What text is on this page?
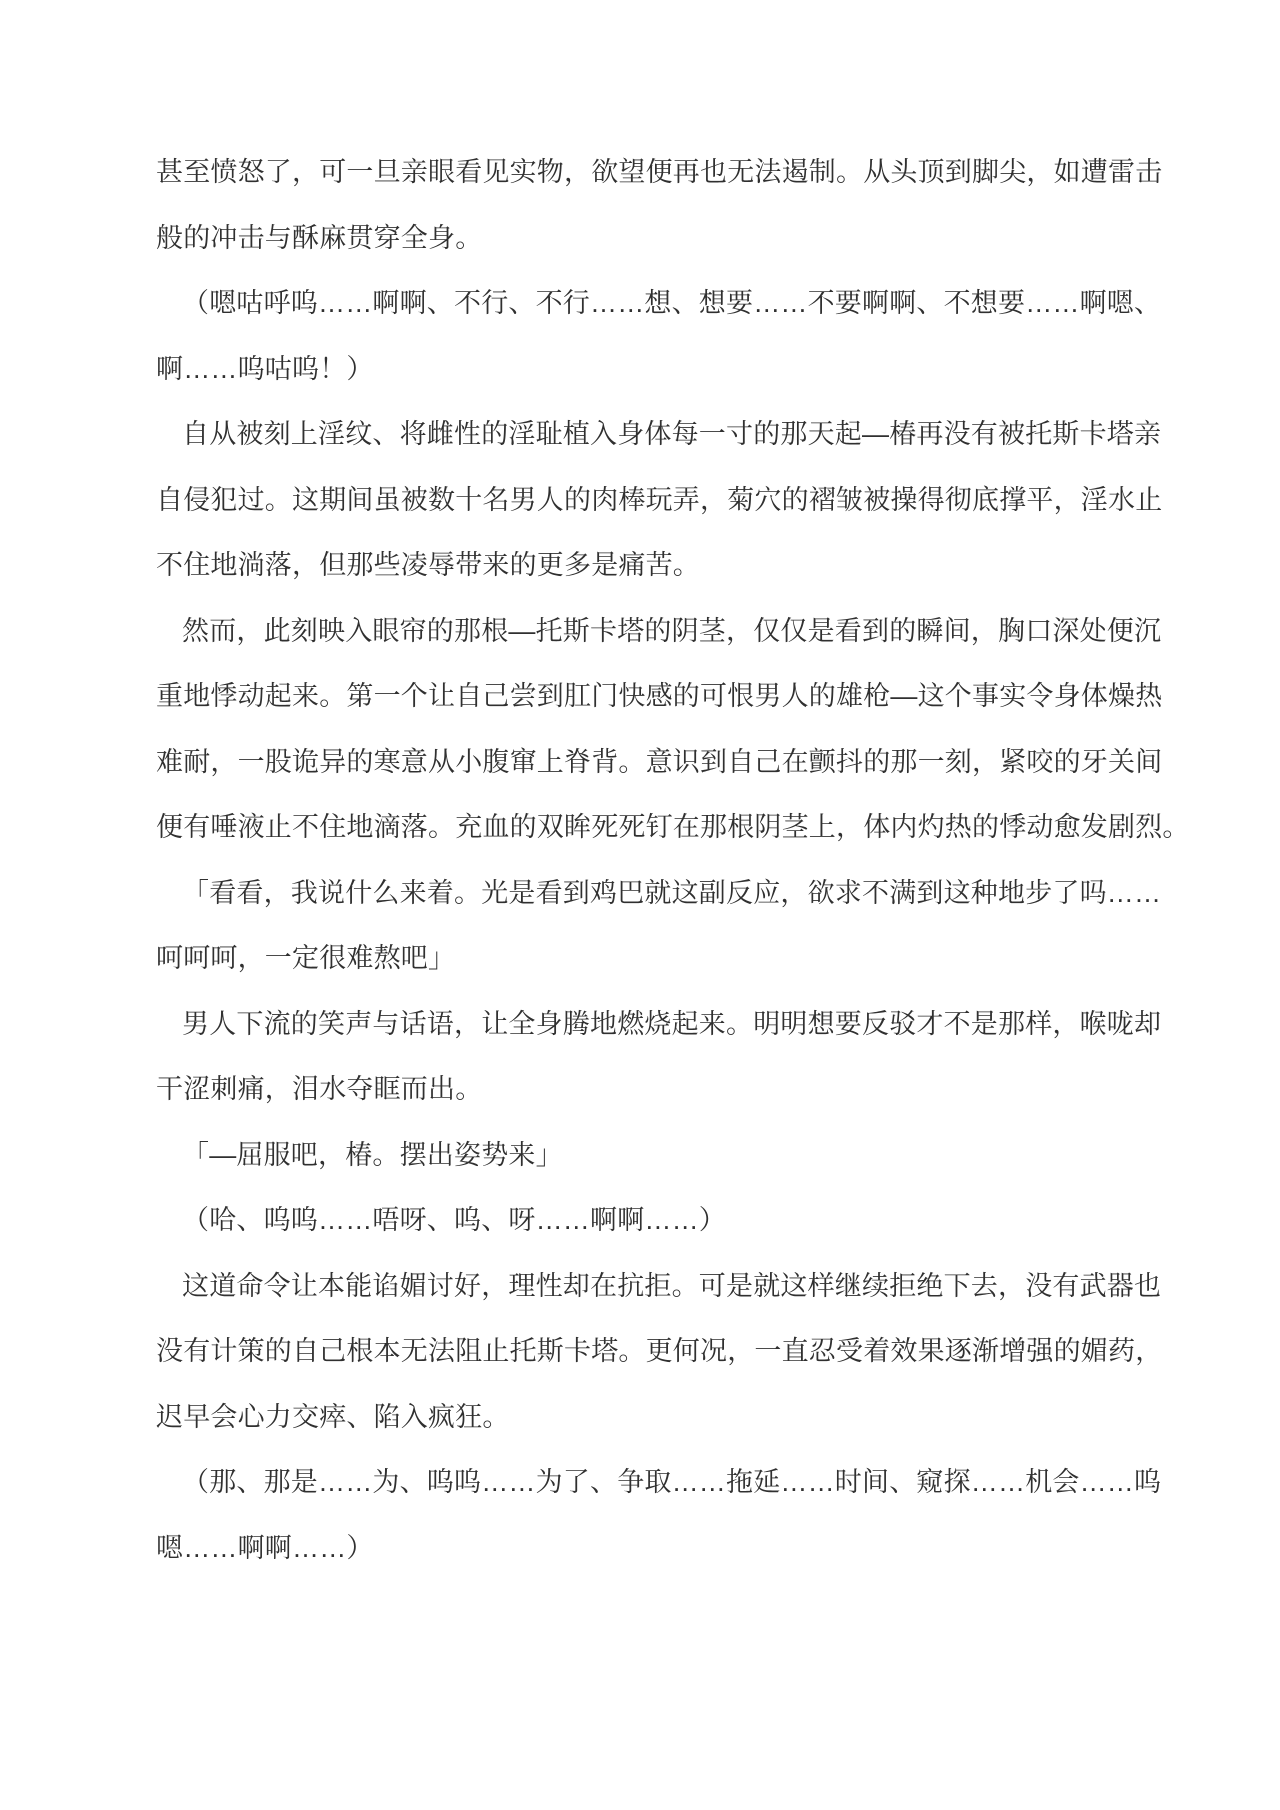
甚至愤怒了，可一旦亲眼看见实物，欲望便再也无法遏制。从头顶到脚尖，如遭雷击
般的冲击与酥麻贯穿全身。
（嗯咕呼呜……啊啊、不行、不行……想、想要……不要啊啊、不想要……啊嗯、
啊……呜咕呜！）
自从被刻上淫纹、将雌性的淫耻植入身体每一寸的那天起—椿再没有被托斯卡塔亲
自侵犯过。这期间虽被数十名男人的肉棒玩弄，菊穴的褶皱被操得彻底撑平，淫水止
不住地淌落，但那些凌辱带来的更多是痛苦。
然而，此刻映入眼帘的那根—托斯卡塔的阴茎，仅仅是看到的瞬间，胸口深处便沉
重地悸动起来。第一个让自己尝到肛门快感的可恨男人的雄枪—这个事实令身体燥热
难耐，一股诡异的寒意从小腹窜上脊背。意识到自己在颤抖的那一刻，紧咬的牙关间
便有唾液止不住地滴落。充血的双眸死死钉在那根阴茎上，体内灼热的悸动愈发剧烈。
「看看，我说什么来着。光是看到鸡巴就这副反应，欲求不满到这种地步了吗……
呵呵呵，一定很难熬吧」
男人下流的笑声与话语，让全身腾地燃烧起来。明明想要反驳才不是那样，喉咙却
干涩刺痛，泪水夺眶而出。
「—屈服吧，椿。摆出姿势来」
（哈、呜呜……唔呀、呜、呀……啊啊……）
这道命令让本能谄媚讨好，理性却在抗拒。可是就这样继续拒绝下去，没有武器也
没有计策的自己根本无法阻止托斯卡塔。更何况，一直忍受着效果逐渐增强的媚药，
迟早会心力交瘁、陷入疯狂。
（那、那是……为、呜呜……为了、争取……拖延……时间、窥探……机会……呜
嗯……啊啊……）
